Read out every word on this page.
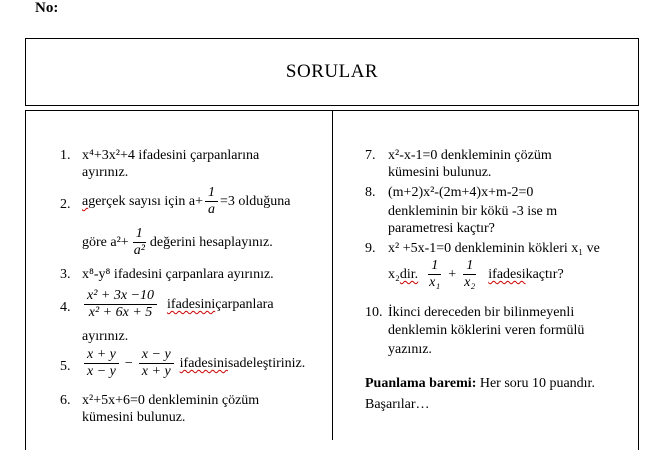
No:
SORULAR
1. x⁴+3x²+4 ifadesini çarpanlarına
ayırınız.
2. a gerçek sayısı için $a+ \frac{1}{a} =3$ olduğuna
göre $a^2+ \frac{1}{\text{a²}}$ değerini hesaplayınız.
3. x⁸-y⁸ ifadesini çarpanlara ayırınız.
4. $\frac{\text{x² + 3x −10}}{\text{x² + 6x + 5}}$ ifadesini çarpanlara
ayırınız.
5. $\frac{x + y}{x - y} - \frac{x - y}{x + y}$ ifadesini sadeleştiriniz.
6. x²+5x+6=0 denkleminin çözüm
kümesini bulunuz.
7. x²-x-1=0 denkleminin çözüm
kümesini bulunuz.
8. (m+2)x²-(2m+4)x+m-2=0
denkleminin bir kökü -3 ise m
parametresi kaçtır?
9. x² +5x-1=0 denkleminin kökleri x₁ ve
x₂ dir. $\frac{1}{\text{x₁}} + \frac{1}{\text{x₂}}$ ifadesi kaçtır?
10. İkinci dereceden bir bilinmeyenli
denklemin köklerini veren formülü
yazınız.
Puanlama baremi: Her soru 10 puandır.
Başarılar…
